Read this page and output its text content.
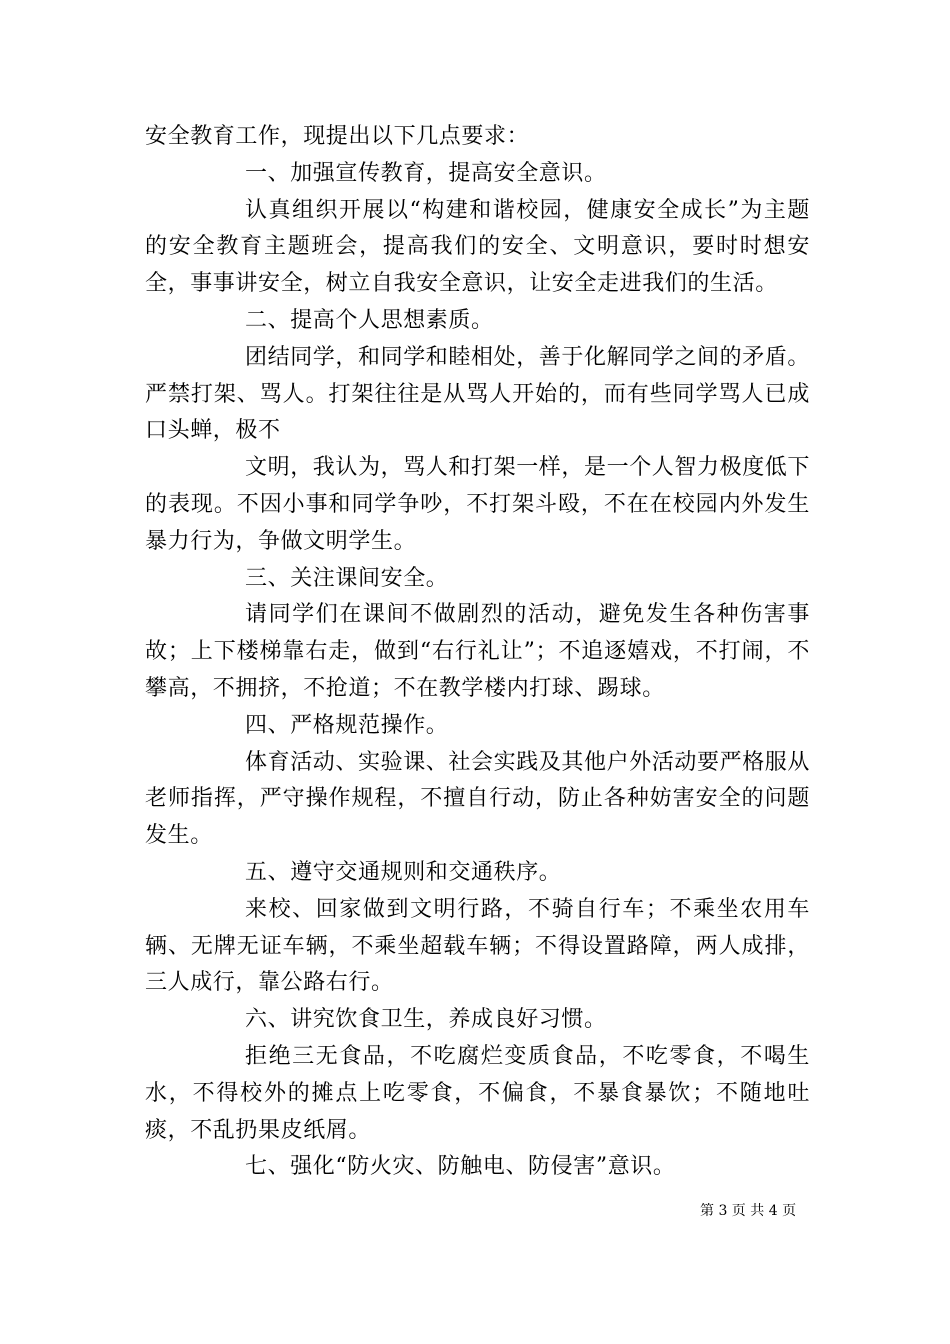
安全教育工作，现提出以下几点要求：

一、加强宣传教育，提高安全意识。

认真组织开展以“构建和谐校园，健康安全成长”为主题的安全教育主题班会，提高我们的安全、文明意识，要时时想安全，事事讲安全，树立自我安全意识，让安全走进我们的生活。

二、提高个人思想素质。

团结同学，和同学和睦相处，善于化解同学之间的矛盾。严禁打架、骂人。打架往往是从骂人开始的，而有些同学骂人已成口头蝉，极不

文明，我认为，骂人和打架一样，是一个人智力极度低下的表现。不因小事和同学争吵，不打架斗殴，不在在校园内外发生暴力行为，争做文明学生。

三、关注课间安全。

请同学们在课间不做剧烈的活动，避免发生各种伤害事故；上下楼梯靠右走，做到“右行礼让”；不追逐嬉戏，不打闹，不攀高，不拥挤，不抢道；不在教学楼内打球、踢球。

四、严格规范操作。

体育活动、实验课、社会实践及其他户外活动要严格服从老师指挥，严守操作规程，不擅自行动，防止各种妨害安全的问题发生。

五、遵守交通规则和交通秩序。

来校、回家做到文明行路，不骑自行车；不乘坐农用车辆、无牌无证车辆，不乘坐超载车辆；不得设置路障，两人成排，三人成行，靠公路右行。

六、讲究饮食卫生，养成良好习惯。

拒绝三无食品，不吃腐烂变质食品，不吃零食，不喝生水，不得校外的摊点上吃零食，不偏食，不暴食暴饮；不随地吐痰，不乱扔果皮纸屑。

七、强化“防火灾、防触电、防侵害”意识。

第 3 页 共 4 页
